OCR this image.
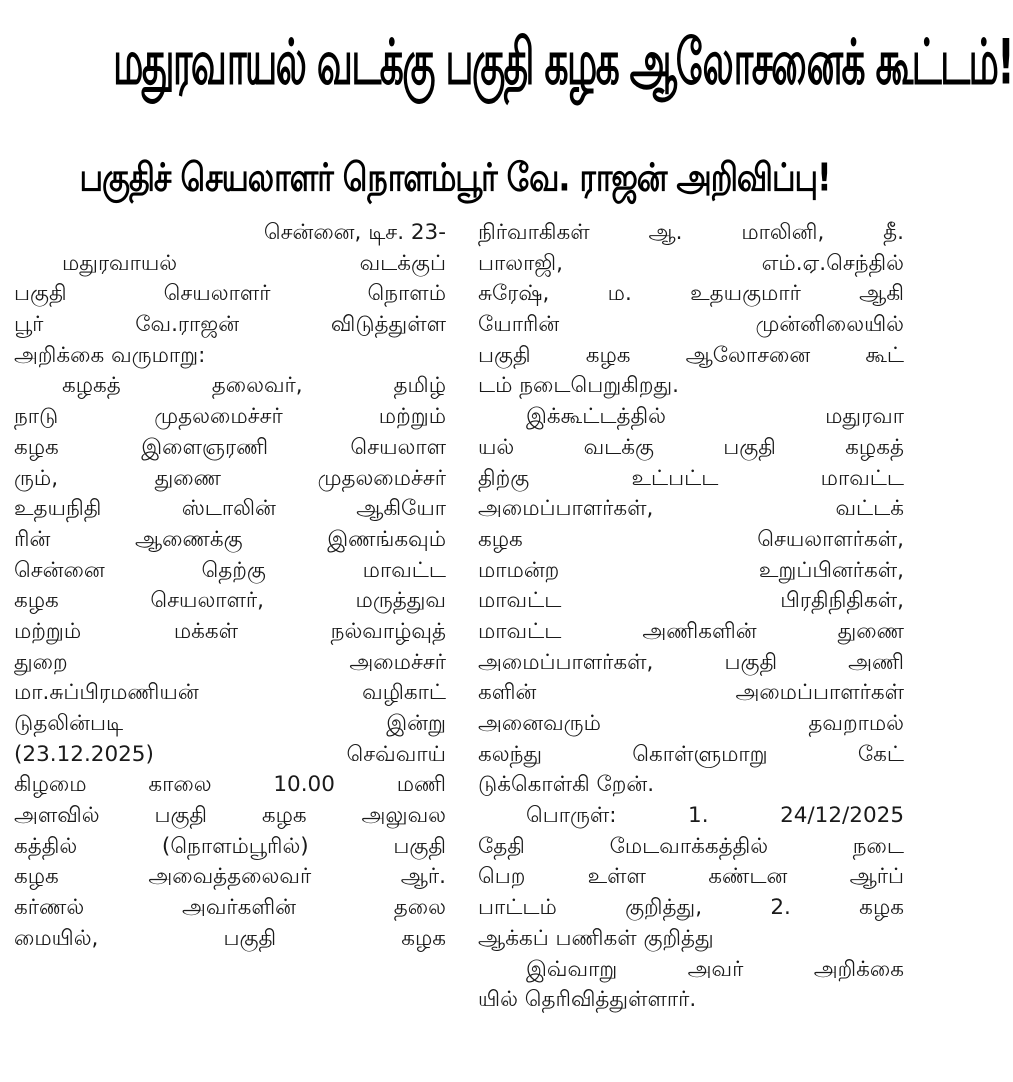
மதுரவாயல் வடக்கு பகுதி கழக ஆலோசனைக் கூட்டம்!
பகுதிச் செயலாளர் நொளம்பூர் வே. ராஜன் அறிவிப்பு!
சென்னை, டிச. 23-
மதுரவாயல் வடக்குப்
பகுதி செயலாளர் நொளம்
பூர் வே.ராஜன் விடுத்துள்ள
அறிக்கை வருமாறு:
கழகத் தலைவர், தமிழ்
நாடு முதலமைச்சர் மற்றும்
கழக இளைஞரணி செயலாள
ரும், துணை முதலமைச்சர்
உதயநிதி ஸ்டாலின் ஆகியோ
ரின் ஆணைக்கு இணங்கவும்
சென்னை தெற்கு மாவட்ட
கழக செயலாளர், மருத்துவ
மற்றும் மக்கள் நல்வாழ்வுத்
துறை அமைச்சர்
மா.சுப்பிரமணியன் வழிகாட்
டுதலின்படி இன்று
(23.12.2025) செவ்வாய்
கிழமை காலை 10.00 மணி
அளவில் பகுதி கழக அலுவல
கத்தில் (நொளம்பூரில்) பகுதி
கழக அவைத்தலைவர் ஆர்.
கர்ணல் அவர்களின் தலை
மையில், பகுதி கழக
நிர்வாகிகள் ஆ. மாலினி, தீ.
பாலாஜி, எம்.ஏ.செந்தில்
சுரேஷ், ம. உதயகுமார் ஆகி
யோரின் முன்னிலையில்
பகுதி கழக ஆலோசனை கூட்
டம் நடைபெறுகிறது.
இக்கூட்டத்தில் மதுரவா
யல் வடக்கு பகுதி கழகத்
திற்கு உட்பட்ட மாவட்ட
அமைப்பாளர்கள், வட்டக்
கழக செயலாளர்கள்,
மாமன்ற உறுப்பினர்கள்,
மாவட்ட பிரதிநிதிகள்,
மாவட்ட அணிகளின் துணை
அமைப்பாளர்கள், பகுதி அணி
களின் அமைப்பாளர்கள்
அனைவரும் தவறாமல்
கலந்து கொள்ளுமாறு கேட்
டுக்கொள்கி றேன்.
பொருள்: 1. 24/12/2025
தேதி மேடவாக்கத்தில் நடை
பெற உள்ள கண்டன ஆர்ப்
பாட்டம் குறித்து, 2. கழக
ஆக்கப் பணிகள் குறித்து
இவ்வாறு அவர் அறிக்கை
யில் தெரிவித்துள்ளார்.
